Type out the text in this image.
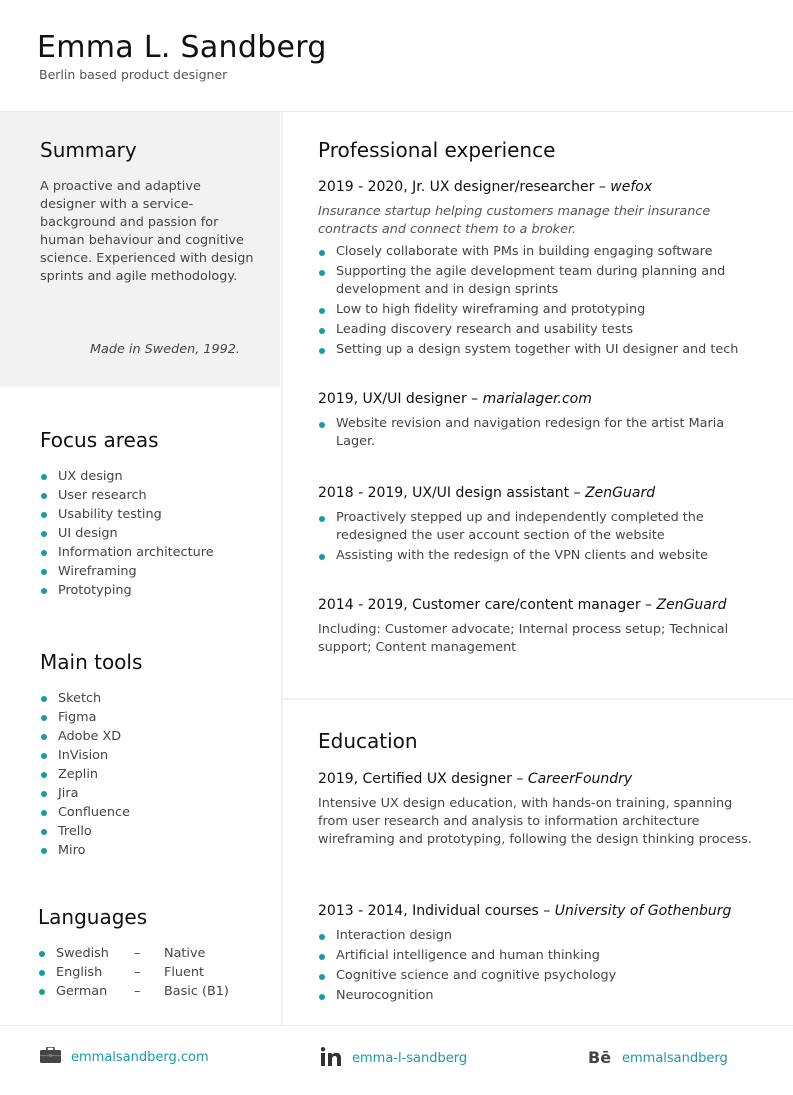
Emma L. Sandberg
Berlin based product designer
Summary
A proactive and adaptive designer with a service-background and passion for human behaviour and cognitive science. Experienced with design sprints and agile methodology.
Made in Sweden, 1992.
Focus areas
UX design
User research
Usability testing
UI design
Information architecture
Wireframing
Prototyping
Main tools
Sketch
Figma
Adobe XD
InVision
Zeplin
Jira
Confluence
Trello
Miro
Languages
Swedish – Native
English – Fluent
German – Basic (B1)
Professional experience
2019 - 2020, Jr. UX designer/researcher – wefox
Insurance startup helping customers manage their insurance contracts and connect them to a broker.
Closely collaborate with PMs in building engaging software
Supporting the agile development team during planning and development and in design sprints
Low to high fidelity wireframing and prototyping
Leading discovery research and usability tests
Setting up a design system together with UI designer and tech
2019, UX/UI designer – marialager.com
Website revision and navigation redesign for the artist Maria Lager.
2018 - 2019, UX/UI design assistant – ZenGuard
Proactively stepped up and independently completed the redesigned the user account section of the website
Assisting with the redesign of the VPN clients and website
2014 - 2019, Customer care/content manager – ZenGuard
Including: Customer advocate; Internal process setup; Technical support; Content management
Education
2019, Certified UX designer – CareerFoundry
Intensive UX design education, with hands-on training, spanning from user research and analysis to information architecture wireframing and prototyping, following the design thinking process.
2013 - 2014, Individual courses – University of Gothenburg
Interaction design
Artificial intelligence and human thinking
Cognitive science and cognitive psychology
Neurocognition
emmalsandberg.com	emma-l-sandberg	Bē emmalsandberg
